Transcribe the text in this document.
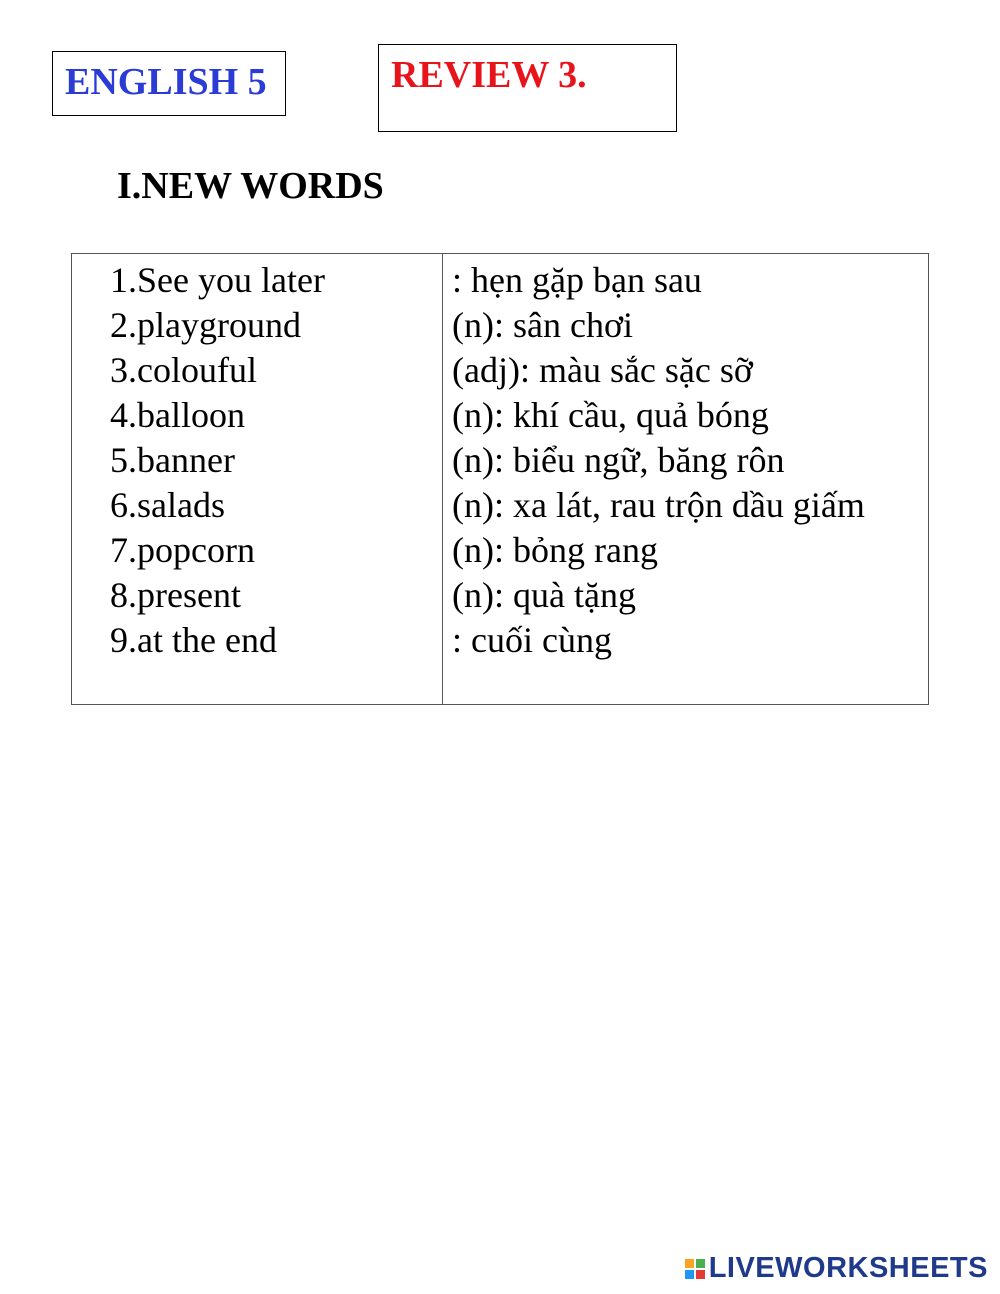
ENGLISH 5	REVIEW 3.
I.NEW WORDS
1.See you later
2.playground
3.colouful
4.balloon
5.banner
6.salads
7.popcorn
8.present
9.at the end
: hẹn gặp bạn sau
(n): sân chơi
(adj): màu sắc sặc sỡ
(n): khí cầu, quả bóng
(n): biểu ngữ, băng rôn
(n): xa lát, rau trộn dầu giấm
(n): bỏng rang
(n): quà tặng
: cuối cùng
LIVEWORKSHEETS
